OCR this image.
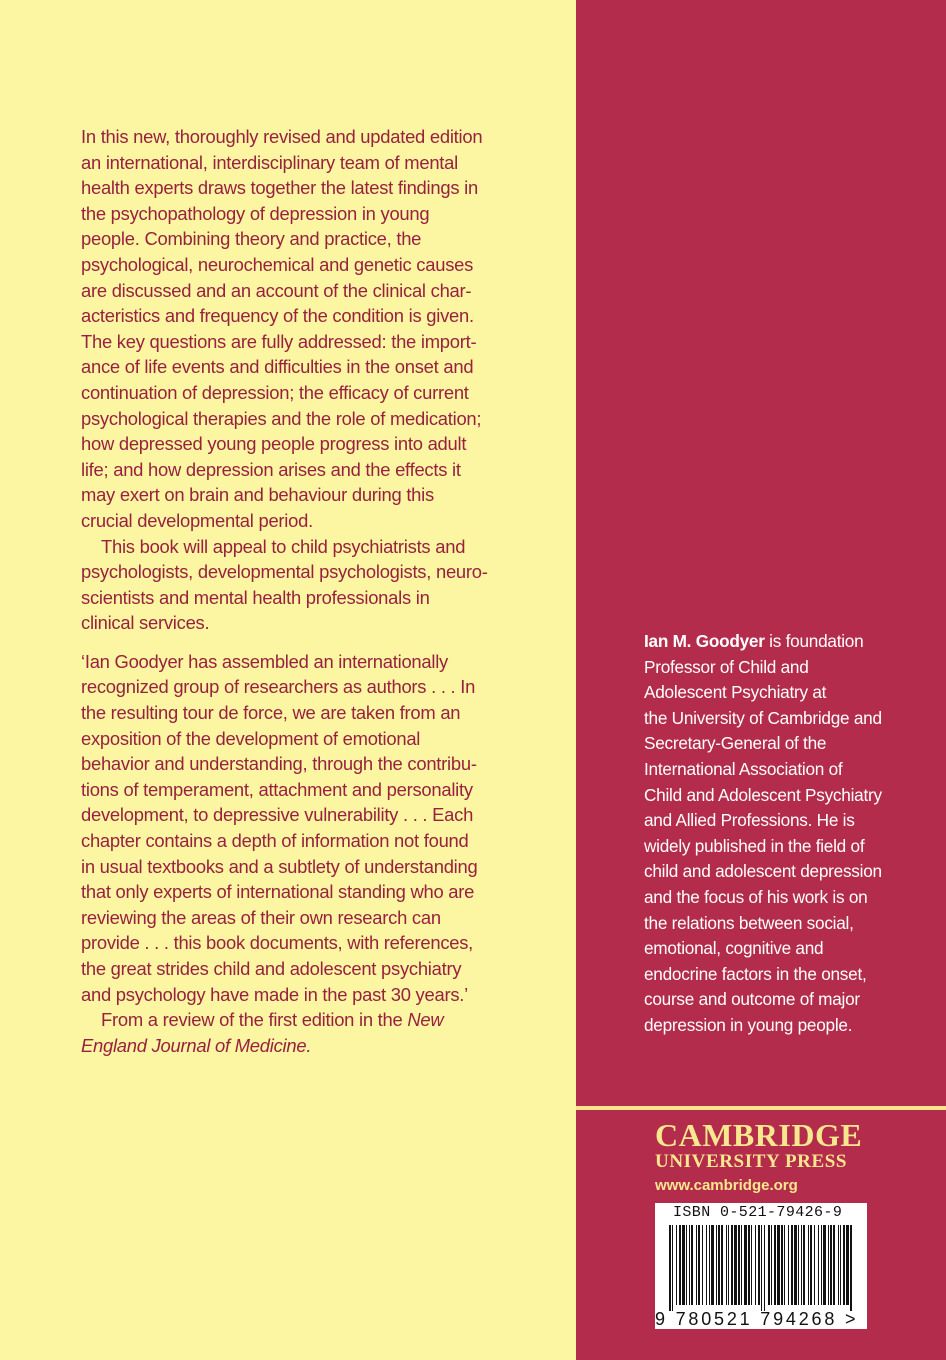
In this new, thoroughly revised and updated edition
an international, interdisciplinary team of mental
health experts draws together the latest findings in
the psychopathology of depression in young
people. Combining theory and practice, the
psychological, neurochemical and genetic causes
are discussed and an account of the clinical char-
acteristics and frequency of the condition is given.
The key questions are fully addressed: the import-
ance of life events and difficulties in the onset and
continuation of depression; the efficacy of current
psychological therapies and the role of medication;
how depressed young people progress into adult
life; and how depression arises and the effects it
may exert on brain and behaviour during this
crucial developmental period.

This book will appeal to child psychiatrists and
psychologists, developmental psychologists, neuro-
scientists and mental health professionals in
clinical services.

‘Ian Goodyer has assembled an internationally
recognized group of researchers as authors . . . In
the resulting tour de force, we are taken from an
exposition of the development of emotional
behavior and understanding, through the contribu-
tions of temperament, attachment and personality
development, to depressive vulnerability . . . Each
chapter contains a depth of information not found
in usual textbooks and a subtlety of understanding
that only experts of international standing who are
reviewing the areas of their own research can
provide . . . this book documents, with references,
the great strides child and adolescent psychiatry
and psychology have made in the past 30 years.’

From a review of the first edition in the New
England Journal of Medicine.

Ian M. Goodyer is foundation
Professor of Child and
Adolescent Psychiatry at
the University of Cambridge and
Secretary-General of the
International Association of
Child and Adolescent Psychiatry
and Allied Professions. He is
widely published in the field of
child and adolescent depression
and the focus of his work is on
the relations between social,
emotional, cognitive and
endocrine factors in the onset,
course and outcome of major
depression in young people.
CAMBRIDGE
UNIVERSITY PRESS
www.cambridge.org
ISBN 0-521-79426-9
9 780521 794268 >
